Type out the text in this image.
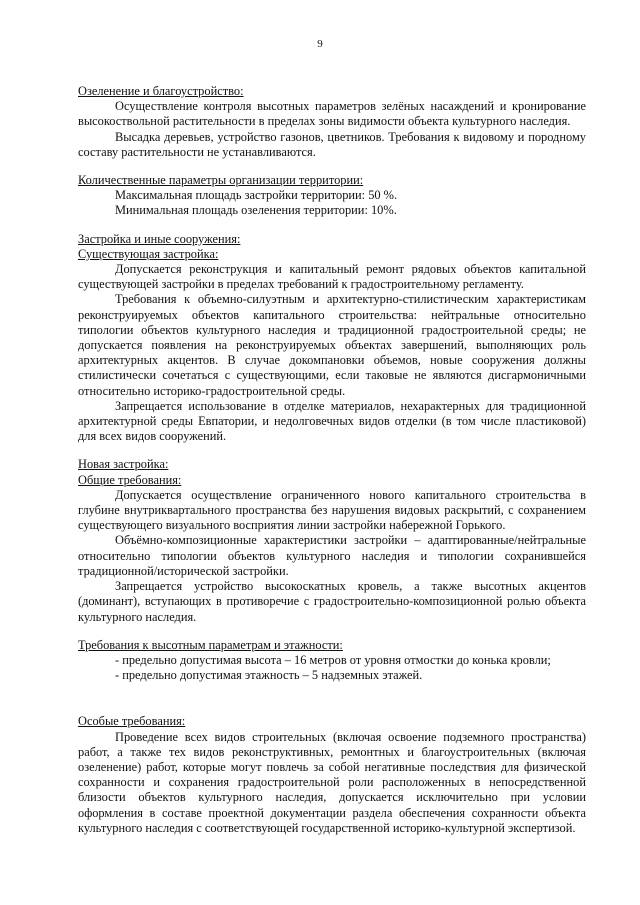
9

Озеленение и благоустройство:

Осуществление контроля высотных параметров зелёных насаждений и кронирование высокоствольной растительности в пределах зоны видимости объекта культурного наследия.

Высадка деревьев, устройство газонов, цветников. Требования к видовому и породному составу растительности не устанавливаются.

Количественные параметры организации территории:

Максимальная площадь застройки территории: 50 %.

Минимальная площадь озеленения территории: 10%.

Застройка и иные сооружения:

Существующая застройка:

Допускается реконструкция и капитальный ремонт рядовых объектов капитальной существующей застройки в пределах требований к градостроительному регламенту.

Требования к объемно-силуэтным и архитектурно-стилистическим характеристикам реконструируемых объектов капитального строительства: нейтральные относительно типологии объектов культурного наследия и традиционной градостроительной среды; не допускается появления на реконструируемых объектах завершений, выполняющих роль архитектурных акцентов. В случае докомпановки объемов, новые сооружения должны стилистически сочетаться с существующими, если таковые не являются дисгармоничными относительно историко-градостроительной среды.

Запрещается использование в отделке материалов, нехарактерных для традиционной архитектурной среды Евпатории, и недолговечных видов отделки (в том числе пластиковой) для всех видов сооружений.

Новая застройка:

Общие требования:

Допускается осуществление ограниченного нового капитального строительства в глубине внутриквартального пространства без нарушения видовых раскрытий, с сохранением существующего визуального восприятия линии застройки набережной Горького.

Объёмно-композиционные характеристики застройки – адаптированные/нейтральные относительно типологии объектов культурного наследия и типологии сохранившейся традиционной/исторической застройки.

Запрещается устройство высокоскатных кровель, а также высотных акцентов (доминант), вступающих в противоречие с градостроительно-композиционной ролью объекта культурного наследия.

Требования к высотным параметрам и этажности:

- предельно допустимая высота – 16 метров от уровня отмостки до конька кровли;

- предельно допустимая этажность – 5 надземных этажей.

Особые требования:

Проведение всех видов строительных (включая освоение подземного пространства) работ, а также тех видов реконструктивных, ремонтных и благоустроительных (включая озеленение) работ, которые могут повлечь за собой негативные последствия для физической сохранности и сохранения градостроительной роли расположенных в непосредственной близости объектов культурного наследия, допускается исключительно при условии оформления в составе проектной документации раздела обеспечения сохранности объекта культурного наследия с соответствующей государственной историко-культурной экспертизой.
